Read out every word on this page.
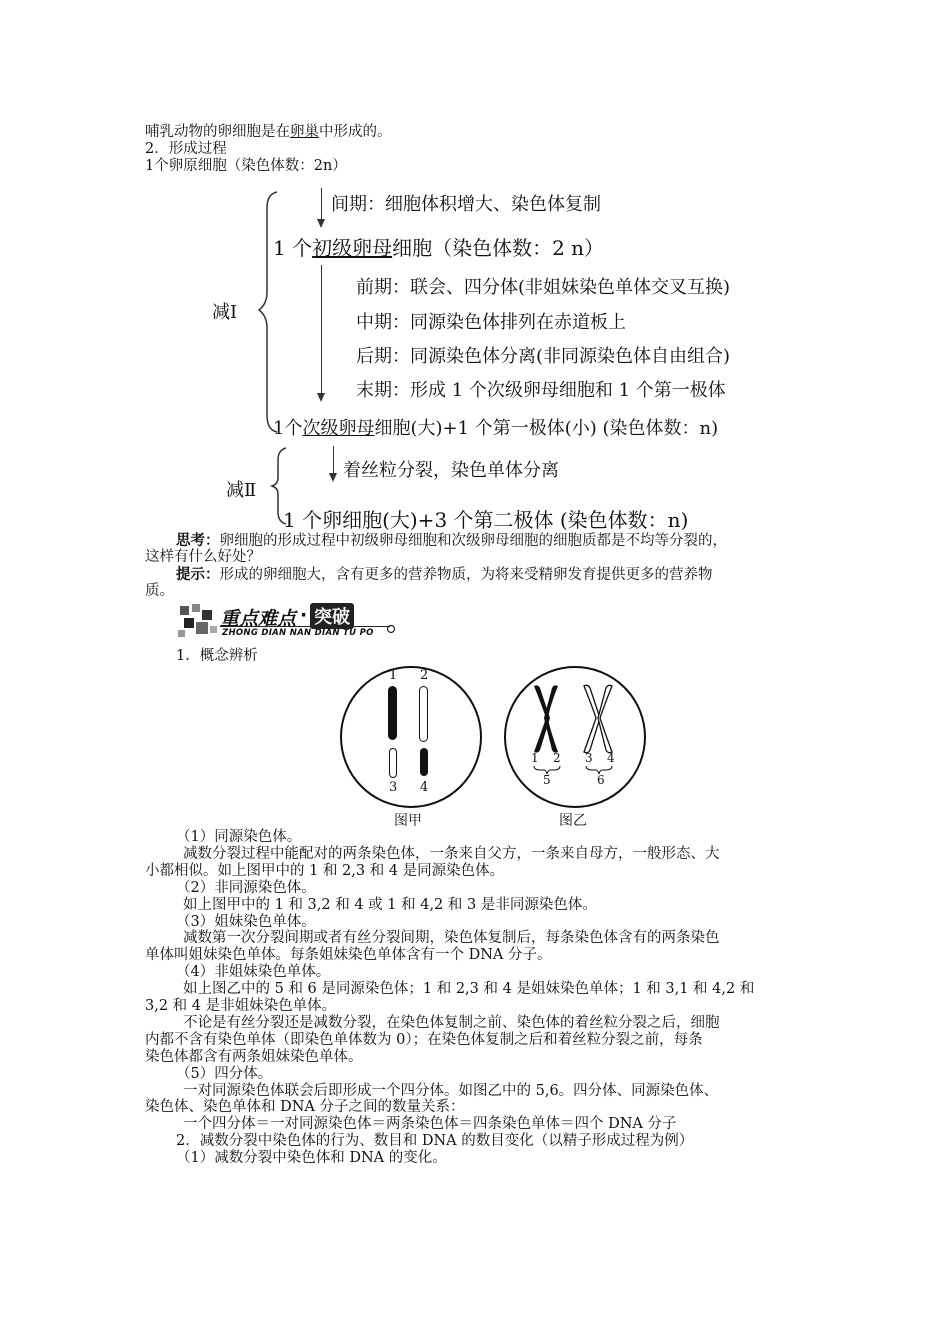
哺乳动物的卵细胞是在卵巢中形成的。
2．形成过程
1个卵原细胞（染色体数：2n）
减Ⅰ
间期：细胞体积增大、染色体复制
1 个初级卵母细胞（染色体数：2 n）
前期：联会、四分体(非姐妹染色单体交叉互换)
中期：同源染色体排列在赤道板上
后期：同源染色体分离(非同源染色体自由组合)
末期：形成 1 个次级卵母细胞和 1 个第一极体
1个次级卵母细胞(大)+1 个第一极体(小) (染色体数：n)
减Ⅱ
着丝粒分裂，染色单体分离
1 个卵细胞(大)+3 个第二极体 (染色体数：n)
思考：卵细胞的形成过程中初级卵母细胞和次级卵母细胞的细胞质都是不均等分裂的，
这样有什么好处？
提示：形成的卵细胞大，含有更多的营养物质，为将来受精卵发育提供更多的营养物
质。
重点难点 · 突破
ZHONG DIAN NAN DIAN TU PO
1．概念辨析
1 2
3 4
图甲
1 2 3 4
5	6
图乙
（1）同源染色体。
减数分裂过程中能配对的两条染色体，一条来自父方，一条来自母方，一般形态、大
小都相似。如上图甲中的 1 和 2,3 和 4 是同源染色体。
（2）非同源染色体。
如上图甲中的 1 和 3,2 和 4 或 1 和 4,2 和 3 是非同源染色体。
（3）姐妹染色单体。
减数第一次分裂间期或者有丝分裂间期，染色体复制后，每条染色体含有的两条染色
单体叫姐妹染色单体。每条姐妹染色单体含有一个 DNA 分子。
（4）非姐妹染色单体。
如上图乙中的 5 和 6 是同源染色体；1 和 2,3 和 4 是姐妹染色单体；1 和 3,1 和 4,2 和
3,2 和 4 是非姐妹染色单体。
不论是有丝分裂还是减数分裂，在染色体复制之前、染色体的着丝粒分裂之后，细胞
内都不含有染色单体（即染色单体数为 0）；在染色体复制之后和着丝粒分裂之前，每条
染色体都含有两条姐妹染色单体。
（5）四分体。
一对同源染色体联会后即形成一个四分体。如图乙中的 5,6。四分体、同源染色体、
染色体、染色单体和 DNA 分子之间的数量关系：
一个四分体＝一对同源染色体＝两条染色体＝四条染色单体＝四个 DNA 分子
2．减数分裂中染色体的行为、数目和 DNA 的数目变化（以精子形成过程为例）
（1）减数分裂中染色体和 DNA 的变化。
